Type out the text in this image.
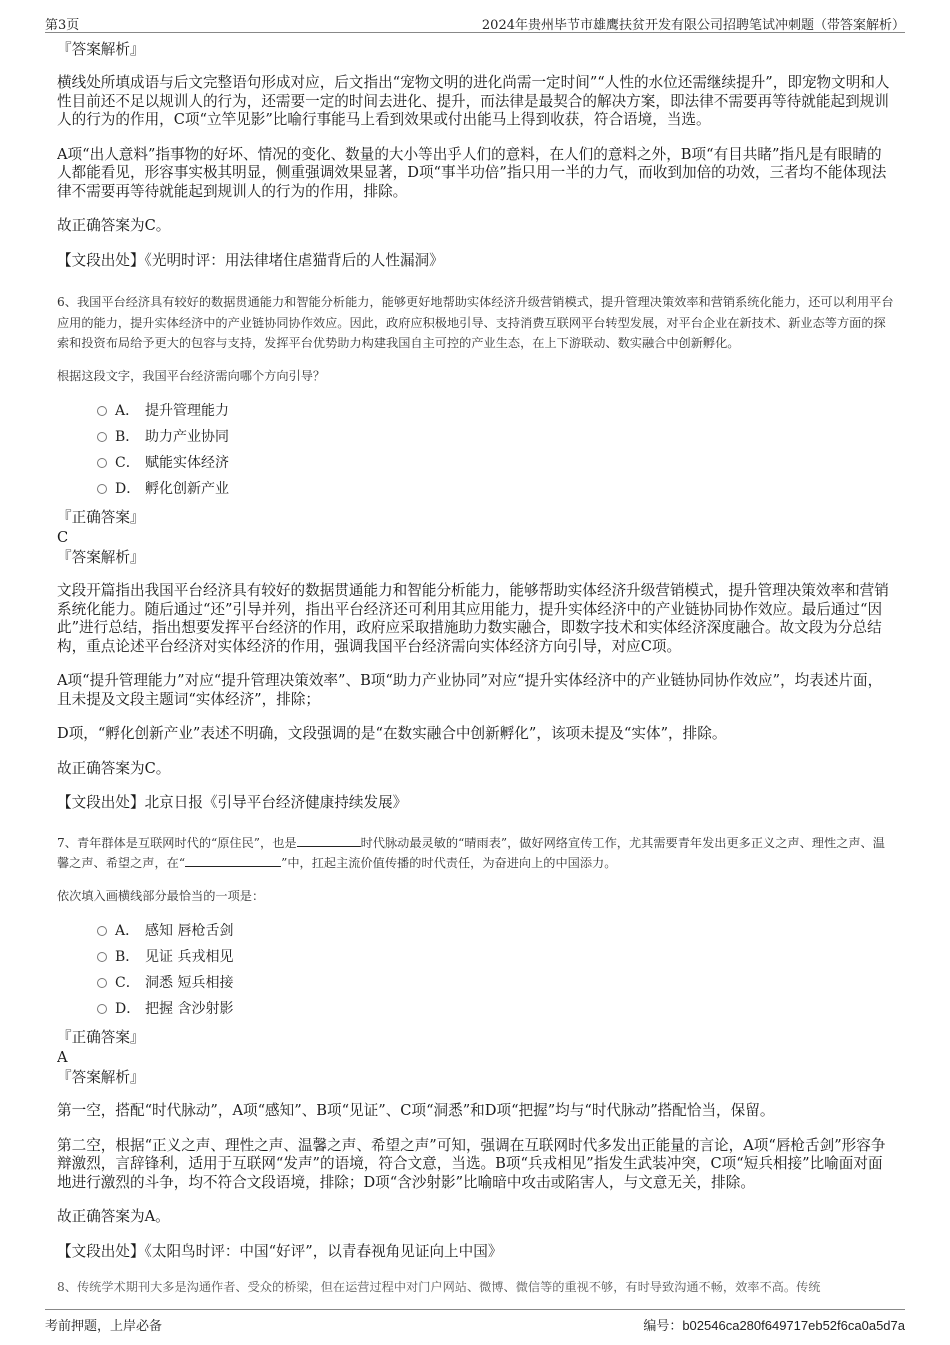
第3页	2024年贵州毕节市雄鹰扶贫开发有限公司招聘笔试冲刺题（带答案解析）

『答案解析』

横线处所填成语与后文完整语句形成对应，后文指出“宠物文明的进化尚需一定时间”“人性的水位还需继续提升”，即宠物文明和人性目前还不足以规训人的行为，还需要一定的时间去进化、提升，而法律是最契合的解决方案，即法律不需要再等待就能起到规训人的行为的作用，C项“立竿见影”比喻行事能马上看到效果或付出能马上得到收获，符合语境，当选。

A项“出人意料”指事物的好坏、情况的变化、数量的大小等出乎人们的意料，在人们的意料之外，B项“有目共睹”指凡是有眼睛的人都能看见，形容事实极其明显，侧重强调效果显著，D项“事半功倍”指只用一半的力气，而收到加倍的功效，三者均不能体现法律不需要再等待就能起到规训人的行为的作用，排除。

故正确答案为C。

【文段出处】《光明时评：用法律堵住虐猫背后的人性漏洞》

6、我国平台经济具有较好的数据贯通能力和智能分析能力，能够更好地帮助实体经济升级营销模式，提升管理决策效率和营销系统化能力，还可以利用平台应用的能力，提升实体经济中的产业链协同协作效应。因此，政府应积极地引导、支持消费互联网平台转型发展，对平台企业在新技术、新业态等方面的探索和投资布局给予更大的包容与支持，发挥平台优势助力构建我国自主可控的产业生态，在上下游联动、数实融合中创新孵化。

根据这段文字，我国平台经济需向哪个方向引导？

A． 提升管理能力
B． 助力产业协同
C． 赋能实体经济
D． 孵化创新产业

『正确答案』

C

『答案解析』

文段开篇指出我国平台经济具有较好的数据贯通能力和智能分析能力，能够帮助实体经济升级营销模式，提升管理决策效率和营销系统化能力。随后通过“还”引导并列，指出平台经济还可利用其应用能力，提升实体经济中的产业链协同协作效应。最后通过“因此”进行总结，指出想要发挥平台经济的作用，政府应采取措施助力数实融合，即数字技术和实体经济深度融合。故文段为分总结构，重点论述平台经济对实体经济的作用，强调我国平台经济需向实体经济方向引导，对应C项。

A项“提升管理能力”对应“提升管理决策效率”、B项“助力产业协同”对应“提升实体经济中的产业链协同协作效应”，均表述片面，且未提及文段主题词“实体经济”，排除；

D项，“孵化创新产业”表述不明确，文段强调的是“在数实融合中创新孵化”，该项未提及“实体”，排除。

故正确答案为C。

【文段出处】北京日报《引导平台经济健康持续发展》

7、青年群体是互联网时代的“原住民”，也是	时代脉动最灵敏的“晴雨表”，做好网络宣传工作，尤其需要青年发出更多正义之声、理性之声、温馨之声、希望之声，在“	”中，扛起主流价值传播的时代责任，为奋进向上的中国添力。

依次填入画横线部分最恰当的一项是：

A． 感知 唇枪舌剑
B． 见证 兵戎相见
C． 洞悉 短兵相接
D． 把握 含沙射影

『正确答案』

A

『答案解析』

第一空，搭配“时代脉动”，A项“感知”、B项“见证”、C项“洞悉”和D项“把握”均与“时代脉动”搭配恰当，保留。

第二空，根据“正义之声、理性之声、温馨之声、希望之声”可知，强调在互联网时代多发出正能量的言论，A项“唇枪舌剑”形容争辩激烈，言辞锋利，适用于互联网“发声”的语境，符合文意，当选。B项“兵戎相见”指发生武装冲突，C项“短兵相接”比喻面对面地进行激烈的斗争，均不符合文段语境，排除；D项“含沙射影”比喻暗中攻击或陷害人，与文意无关，排除。

故正确答案为A。

【文段出处】《太阳鸟时评：中国“好评”，以青春视角见证向上中国》

8、传统学术期刊大多是沟通作者、受众的桥梁，但在运营过程中对门户网站、微博、微信等的重视不够，有时导致沟通不畅，效率不高。传统

考前押题，上岸必备	编号：b02546ca280f649717eb52f6ca0a5d7a
